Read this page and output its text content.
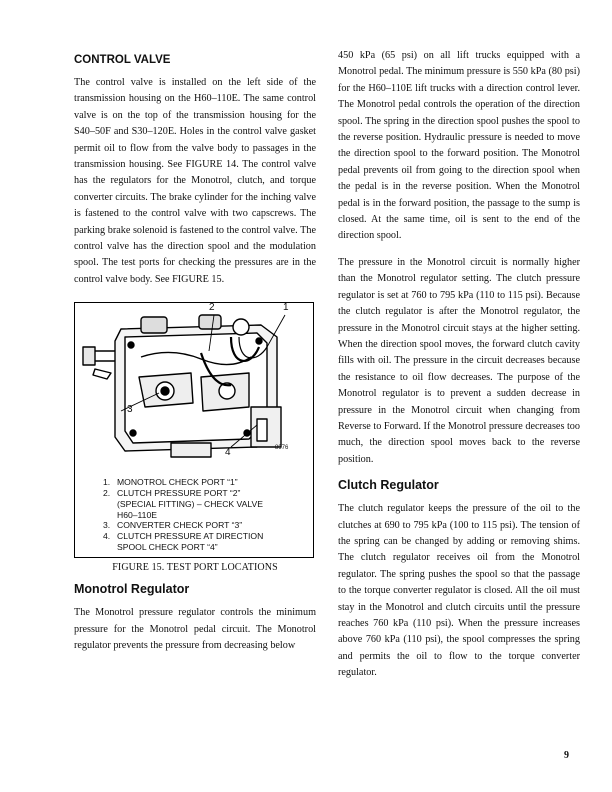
CONTROL VALVE

The control valve is installed on the left side of the transmission housing on the H60–110E. The same control valve is on the top of the transmission housing for the S40–50F and S30–120E. Holes in the control valve gasket permit oil to flow from the valve body to passages in the transmission housing. See FIGURE 14. The control valve has the regulators for the Monotrol, clutch, and torque converter circuits. The brake cylinder for the inching valve is fastened to the control valve with two capscrews. The parking brake solenoid is fastened to the control valve. The control valve has the direction spool and the modulation spool. The test ports for checking the pressures are in the control valve body. See FIGURE 15.

2	1
3
4	8976
1. MONOTROL CHECK PORT “1”
2. CLUTCH PRESSURE PORT “2”
(SPECIAL FITTING) – CHECK VALVE
H60–110E
3. CONVERTER CHECK PORT “3”
4. CLUTCH PRESSURE AT DIRECTION
SPOOL CHECK PORT “4”
FIGURE 15. TEST PORT LOCATIONS
Monotrol Regulator

The Monotrol pressure regulator controls the minimum pressure for the Monotrol pedal circuit. The Monotrol regulator prevents the pressure from decreasing below

450 kPa (65 psi) on all lift trucks equipped with a Monotrol pedal. The minimum pressure is 550 kPa (80 psi) for the H60–110E lift trucks with a direction control lever. The Monotrol pedal controls the operation of the direction spool. The spring in the direction spool pushes the spool to the reverse position. Hydraulic pressure is needed to move the direction spool to the forward position. The Monotrol pedal prevents oil from going to the direction spool when the pedal is in the reverse position. When the Monotrol pedal is in the forward position, the passage to the sump is closed. At the same time, oil is sent to the end of the direction spool.

The pressure in the Monotrol circuit is normally higher than the Monotrol regulator setting. The clutch pressure regulator is set at 760 to 795 kPa (110 to 115 psi). Because the clutch regulator is after the Monotrol regulator, the pressure in the Monotrol circuit stays at the higher setting. When the direction spool moves, the forward clutch cavity fills with oil. The pressure in the circuit decreases because the resistance to oil flow decreases. The purpose of the Monotrol regulator is to prevent a sudden decrease in pressure in the Monotrol circuit when changing from Reverse to Forward. If the Monotrol pressure decreases too much, the direction spool moves back to the reverse position.

Clutch Regulator

The clutch regulator keeps the pressure of the oil to the clutches at 690 to 795 kPa (100 to 115 psi). The tension of the spring can be changed by adding or removing shims. The clutch regulator receives oil from the Monotrol regulator. The spring pushes the spool so that the passage to the torque converter regulator is closed. All the oil must stay in the Monotrol and clutch circuits until the pressure reaches 760 kPa (110 psi). When the pressure increases above 760 kPa (110 psi), the spool compresses the spring and permits the oil to flow to the torque converter regulator.

9
